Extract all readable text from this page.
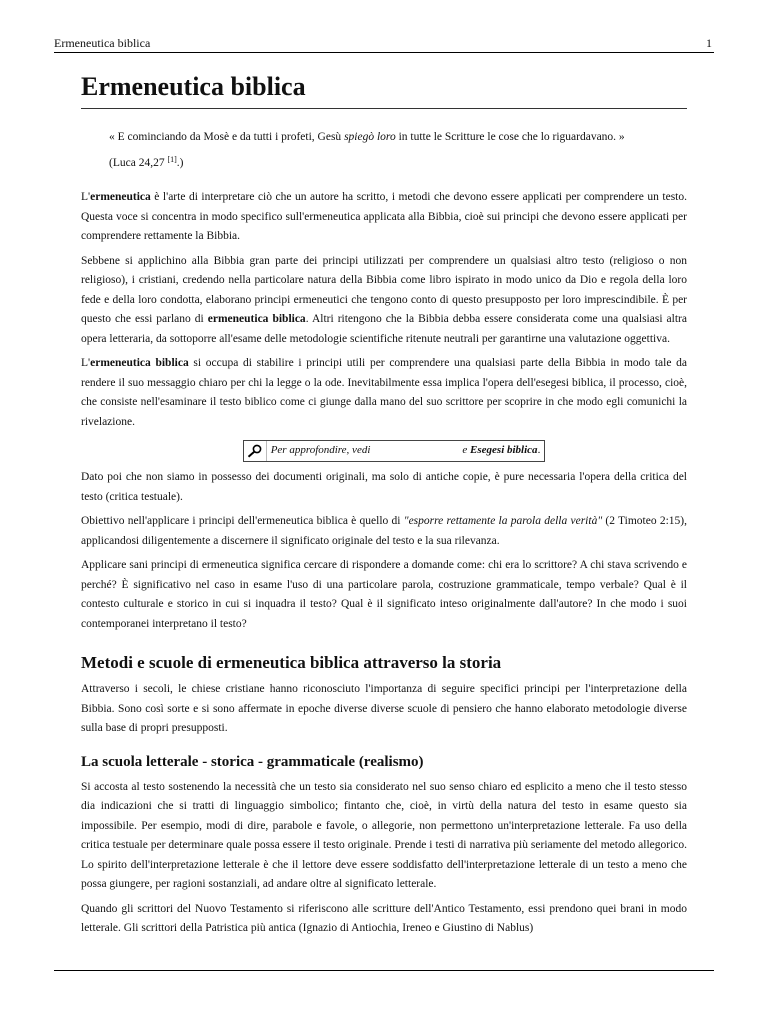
Ermeneutica biblica	1
Ermeneutica biblica

« E cominciando da Mosè e da tutti i profeti, Gesù spiegò loro in tutte le Scritture le cose che lo riguardavano. »

(Luca 24,27 [1].)

L'ermeneutica è l'arte di interpretare ciò che un autore ha scritto, i metodi che devono essere applicati per comprendere un testo. Questa voce si concentra in modo specifico sull'ermeneutica applicata alla Bibbia, cioè sui principi che devono essere applicati per comprendere rettamente la Bibbia.

Sebbene si applichino alla Bibbia gran parte dei principi utilizzati per comprendere un qualsiasi altro testo (religioso o non religioso), i cristiani, credendo nella particolare natura della Bibbia come libro ispirato in modo unico da Dio e regola della loro fede e della loro condotta, elaborano principi ermeneutici che tengono conto di questo presupposto per loro imprescindibile. È per questo che essi parlano di ermeneutica biblica. Altri ritengono che la Bibbia debba essere considerata come una qualsiasi altra opera letteraria, da sottoporre all'esame delle metodologie scientifiche ritenute neutrali per garantirne una valutazione oggettiva.

L'ermeneutica biblica si occupa di stabilire i principi utili per comprendere una qualsiasi parte della Bibbia in modo tale da rendere il suo messaggio chiaro per chi la legge o la ode. Inevitabilmente essa implica l'opera dell'esegesi biblica, il processo, cioè, che consiste nell'esaminare il testo biblico come ci giunge dalla mano del suo scrittore per scoprire in che modo egli comunichi la rivelazione.

Per approfondire, vedi	e Esegesi biblica.

Dato poi che non siamo in possesso dei documenti originali, ma solo di antiche copie, è pure necessaria l'opera della critica del testo (critica testuale).

Obiettivo nell'applicare i principi dell'ermeneutica biblica è quello di "esporre rettamente la parola della verità" (2 Timoteo 2:15), applicandosi diligentemente a discernere il significato originale del testo e la sua rilevanza.

Applicare sani principi di ermeneutica significa cercare di rispondere a domande come: chi era lo scrittore? A chi stava scrivendo e perché? È significativo nel caso in esame l'uso di una particolare parola, costruzione grammaticale, tempo verbale? Qual è il contesto culturale e storico in cui si inquadra il testo? Qual è il significato inteso originalmente dall'autore? In che modo i suoi contemporanei interpretano il testo?

Metodi e scuole di ermeneutica biblica attraverso la storia

Attraverso i secoli, le chiese cristiane hanno riconosciuto l'importanza di seguire specifici principi per l'interpretazione della Bibbia. Sono così sorte e si sono affermate in epoche diverse diverse scuole di pensiero che hanno elaborato metodologie diverse sulla base di propri presupposti.

La scuola letterale - storica - grammaticale (realismo)

Si accosta al testo sostenendo la necessità che un testo sia considerato nel suo senso chiaro ed esplicito a meno che il testo stesso dia indicazioni che si tratti di linguaggio simbolico; fintanto che, cioè, in virtù della natura del testo in esame questo sia impossibile. Per esempio, modi di dire, parabole e favole, o allegorie, non permettono un'interpretazione letterale. Fa uso della critica testuale per determinare quale possa essere il testo originale. Prende i testi di narrativa più seriamente del metodo allegorico. Lo spirito dell'interpretazione letterale è che il lettore deve essere soddisfatto dell'interpretazione letterale di un testo a meno che possa giungere, per ragioni sostanziali, ad andare oltre al significato letterale.

Quando gli scrittori del Nuovo Testamento si riferiscono alle scritture dell'Antico Testamento, essi prendono quei brani in modo letterale. Gli scrittori della Patristica più antica (Ignazio di Antiochia, Ireneo e Giustino di Nablus)
